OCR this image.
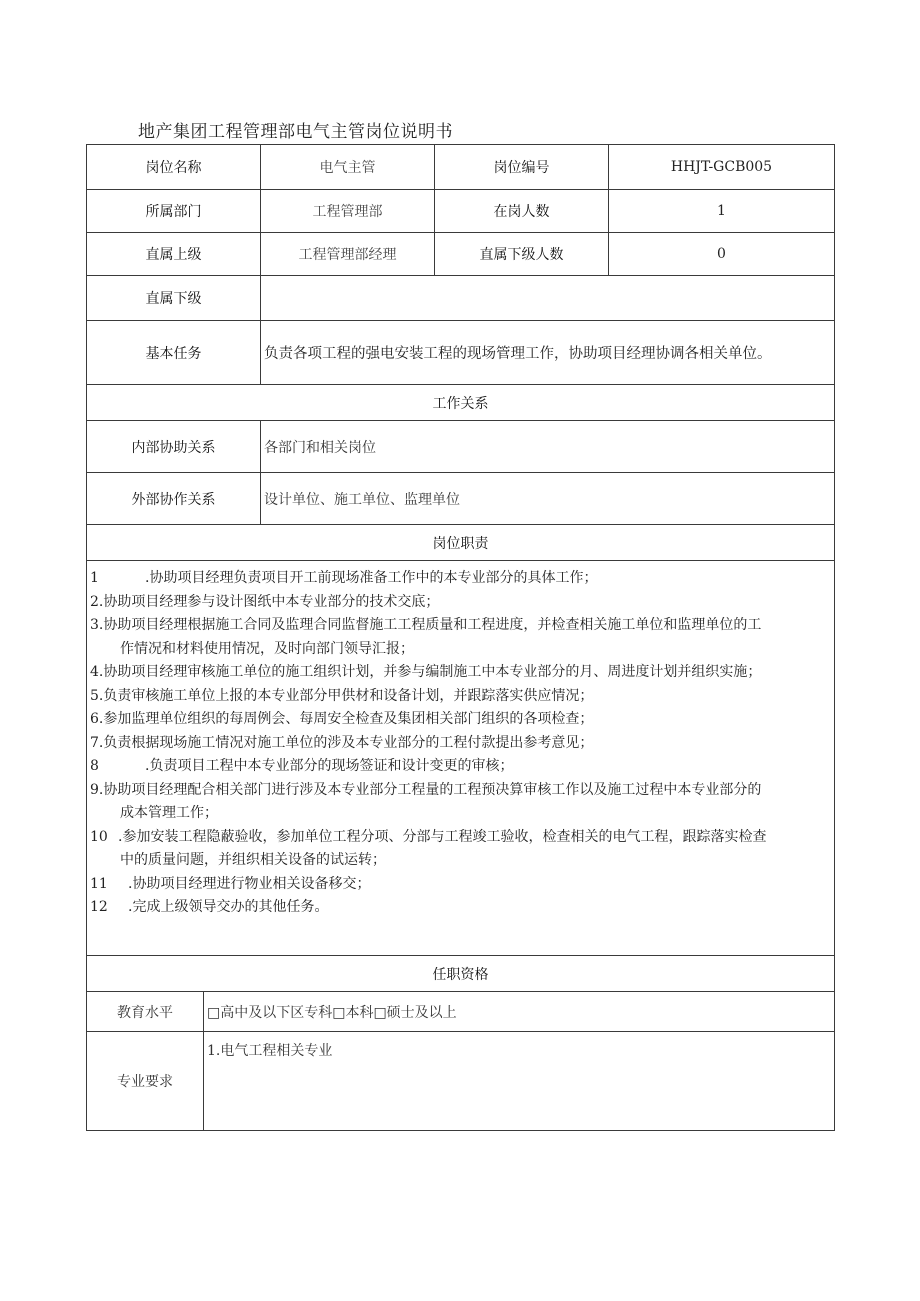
地产集团工程管理部电气主管岗位说明书
岗位名称	电气主管	岗位编号	HHJT-GCB005
所属部门	工程管理部	在岗人数	1
直属上级	工程管理部经理	直属下级人数	0
直属下级			
基本任务	负责各项工程的强电安装工程的现场管理工作，协助项目经理协调各相关单位。		
工作关系			
内部协助关系	各部门和相关岗位		
外部协作关系	设计单位、施工单位、监理单位		
岗位职责			

1	.协助项目经理负责项目开工前现场准备工作中的本专业部分的具体工作；
2.协助项目经理参与设计图纸中本专业部分的技术交底；
3.协助项目经理根据施工合同及监理合同监督施工工程质量和工程进度，并检查相关施工单位和监理单位的工
作情况和材料使用情况，及时向部门领导汇报；
4.协助项目经理审核施工单位的施工组织计划，并参与编制施工中本专业部分的月、周进度计划并组织实施；
5.负责审核施工单位上报的本专业部分甲供材和设备计划，并跟踪落实供应情况；
6.参加监理单位组织的每周例会、每周安全检查及集团相关部门组织的各项检查；
7.负责根据现场施工情况对施工单位的涉及本专业部分的工程付款提出参考意见；
8	.负责项目工程中本专业部分的现场签证和设计变更的审核；
9.协助项目经理配合相关部门进行涉及本专业部分工程量的工程预决算审核工作以及施工过程中本专业部分的
成本管理工作；
10 .参加安装工程隐蔽验收，参加单位工程分项、分部与工程竣工验收，检查相关的电气工程，跟踪落实检查
中的质量问题，并组织相关设备的试运转；
11 .协助项目经理进行物业相关设备移交；
12 .完成上级领导交办的其他任务。

任职资格			
教育水平	□高中及以下区专科□本科□硕士及以上
专业要求	1.电气工程相关专业
